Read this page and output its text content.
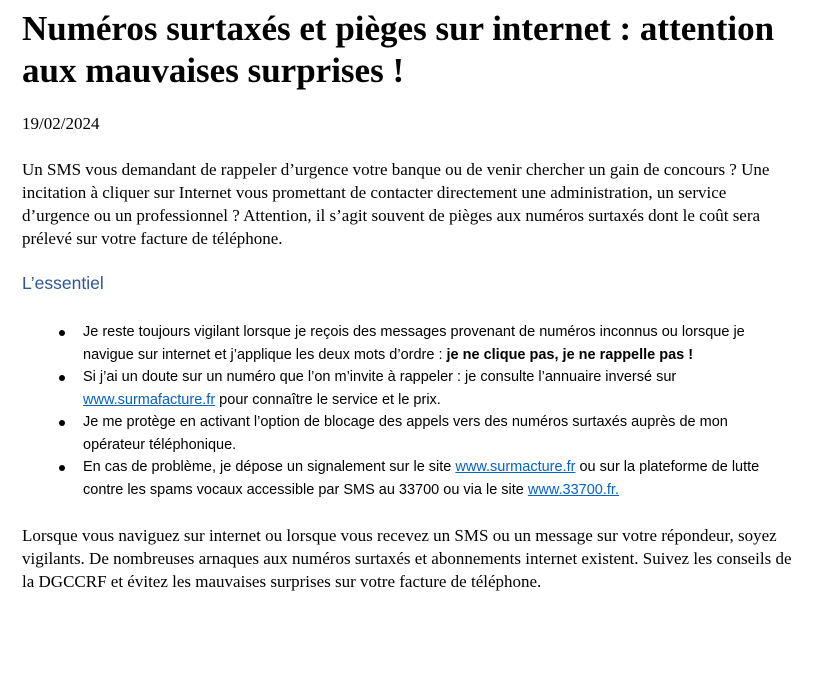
Numéros surtaxés et pièges sur internet : attention aux mauvaises surprises !
19/02/2024

Un SMS vous demandant de rappeler d’urgence votre banque ou de venir chercher un gain de concours ? Une incitation à cliquer sur Internet vous promettant de contacter directement une administration, un service d’urgence ou un professionnel ? Attention, il s’agit souvent de pièges aux numéros surtaxés dont le coût sera prélevé sur votre facture de téléphone.

L’essentiel
Je reste toujours vigilant lorsque je reçois des messages provenant de numéros inconnus ou lorsque je navigue sur internet et j’applique les deux mots d’ordre : je ne clique pas, je ne rappelle pas !
Si j’ai un doute sur un numéro que l’on m’invite à rappeler : je consulte l’annuaire inversé sur www.surmafacture.fr pour connaître le service et le prix.
Je me protège en activant l’option de blocage des appels vers des numéros surtaxés auprès de mon opérateur téléphonique.
En cas de problème, je dépose un signalement sur le site www.surmacture.fr ou sur la plateforme de lutte contre les spams vocaux accessible par SMS au 33700 ou via le site www.33700.fr.

Lorsque vous naviguez sur internet ou lorsque vous recevez un SMS ou un message sur votre répondeur, soyez vigilants. De nombreuses arnaques aux numéros surtaxés et abonnements internet existent. Suivez les conseils de la DGCCRF et évitez les mauvaises surprises sur votre facture de téléphone.
